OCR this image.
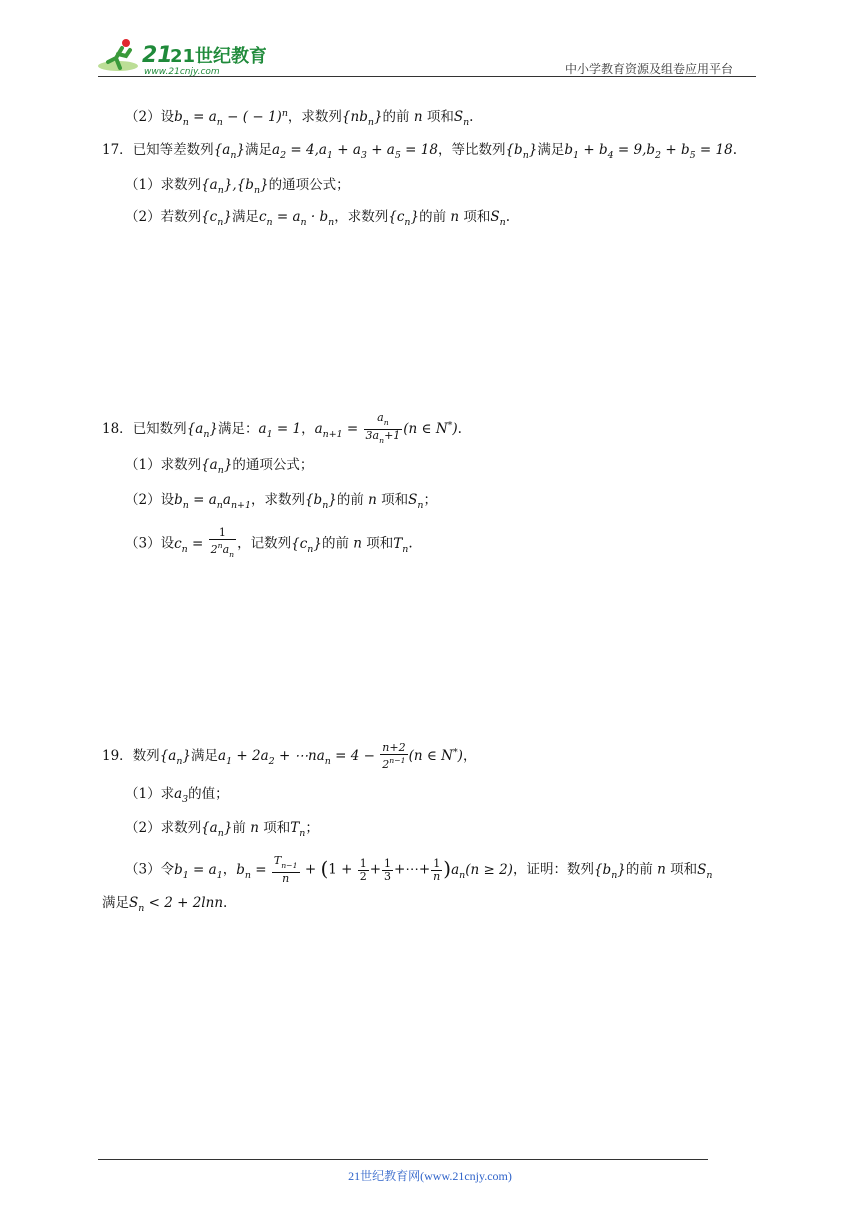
21
21世纪教育
www.21cnjy.com	中小学教育资源及组卷应用平台
（2）设$b_n = a_n$ − ( − 1)$^n$，求数列$\{nb_n\}$的前 n 项和$S_n$.
17．已知等差数列$\{a_n\}$满足$a_2 = 4,a_1 + a_3 + a_5 = 18$，等比数列$\{b_n\}$满足$b_1 + b_4 = 9,b_2 + b_5 = 18$.
（1）求数列$\{a_n\},\{b_n\}$的通项公式；
（2）若数列$\{c_n\}$满足$c_n = a_n \cdot b_n$，求数列$\{c_n\}$的前 n 项和$S_n$.
18．已知数列$\{a_n\}$满足：$a_1 = 1$，$a_{n+1} = \frac{a_n}{3a_n+1} (n$ ∈ N*).
（1）求数列$\{a_n\}$的通项公式；
（2）设$b_n = a_na_{n+1}$，求数列$\{b_n\}$的前 n 项和$S_n$；
（3）设$c_n = \frac{1}{2^na_n}$ ，记数列$\{c_n\}$的前 n 项和$T_n$.
19．数列$\{a_n\}$满足$a_1 + 2a_2$ + $\cdots na_n = 4 - \frac{n+2}{2^{n-1}} (n$ ∈ N*)，
（1）求$a_3$的值；
（2）求数列$\{a_n\}$前 n 项和$T_n$；
（3）令$b_1 = a_1$，$b_n = \frac{T_{n-1}}{n} + (1 + \frac{1}{2} + \frac{1}{3}$ +⋯+ $\frac{1}{n} )a_n(n \ge 2)$，证明：数列$\{b_n\}$的前 n 项和$S_n$
满足$S_n < 2 + 2\ln n$.
21世纪教育网(www.21cnjy.com)
